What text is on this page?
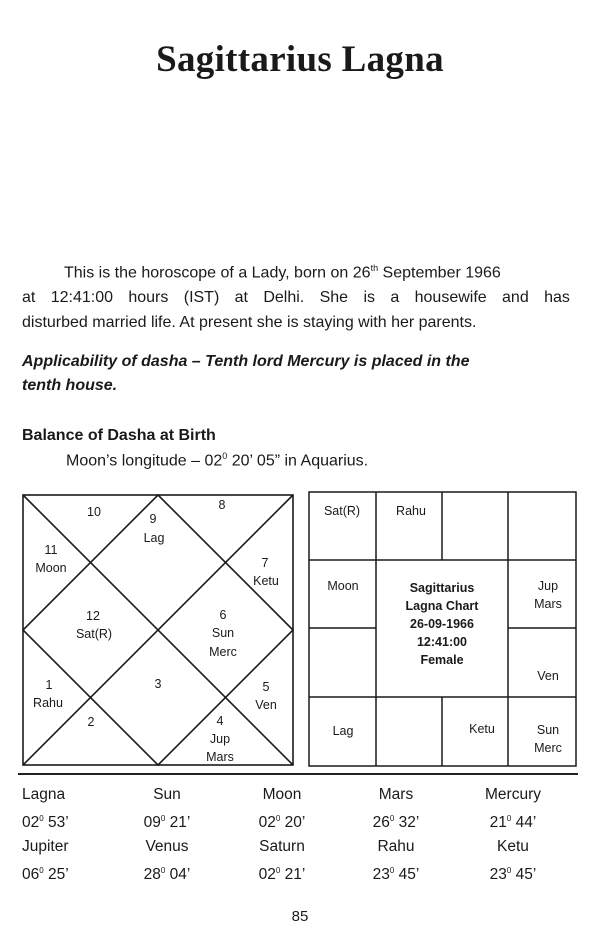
Sagittarius Lagna
This is the horoscope of a Lady, born on 26th September 1966
at 12:41:00 hours (IST) at Delhi. She is a housewife and has
disturbed married life. At present she is staying with her parents.
Applicability of dasha – Tenth lord Mercury is placed in the
tenth house.
Balance of Dasha at Birth
Moon’s longitude – $02^0$ 20’ 05” in Aquarius.
10	9
Lag
8
11
Moon	7
Ketu
12
Sat(R)
6
Sun
Merc
1
Rahu
3	5
Ven
2	4
Jup
Mars
Sat(R)	Rahu
Moon	Jup
Mars
Ven
Lag	Ketu	Sun
Merc
Sagittarius
Lagna Chart
26-09-1966
12:41:00
Female
Lagna	Sun	Moon	Mars	Mercury
$02^0$ 53’	$09^0$ 21’	$02^0$ 20’	$26^0$ 32’	$21^0$ 44’
Jupiter	Venus	Saturn	Rahu	Ketu
$06^0$ 25’	$28^0$ 04’	$02^0$ 21’	$23^0$ 45’	$23^0$ 45’
85
